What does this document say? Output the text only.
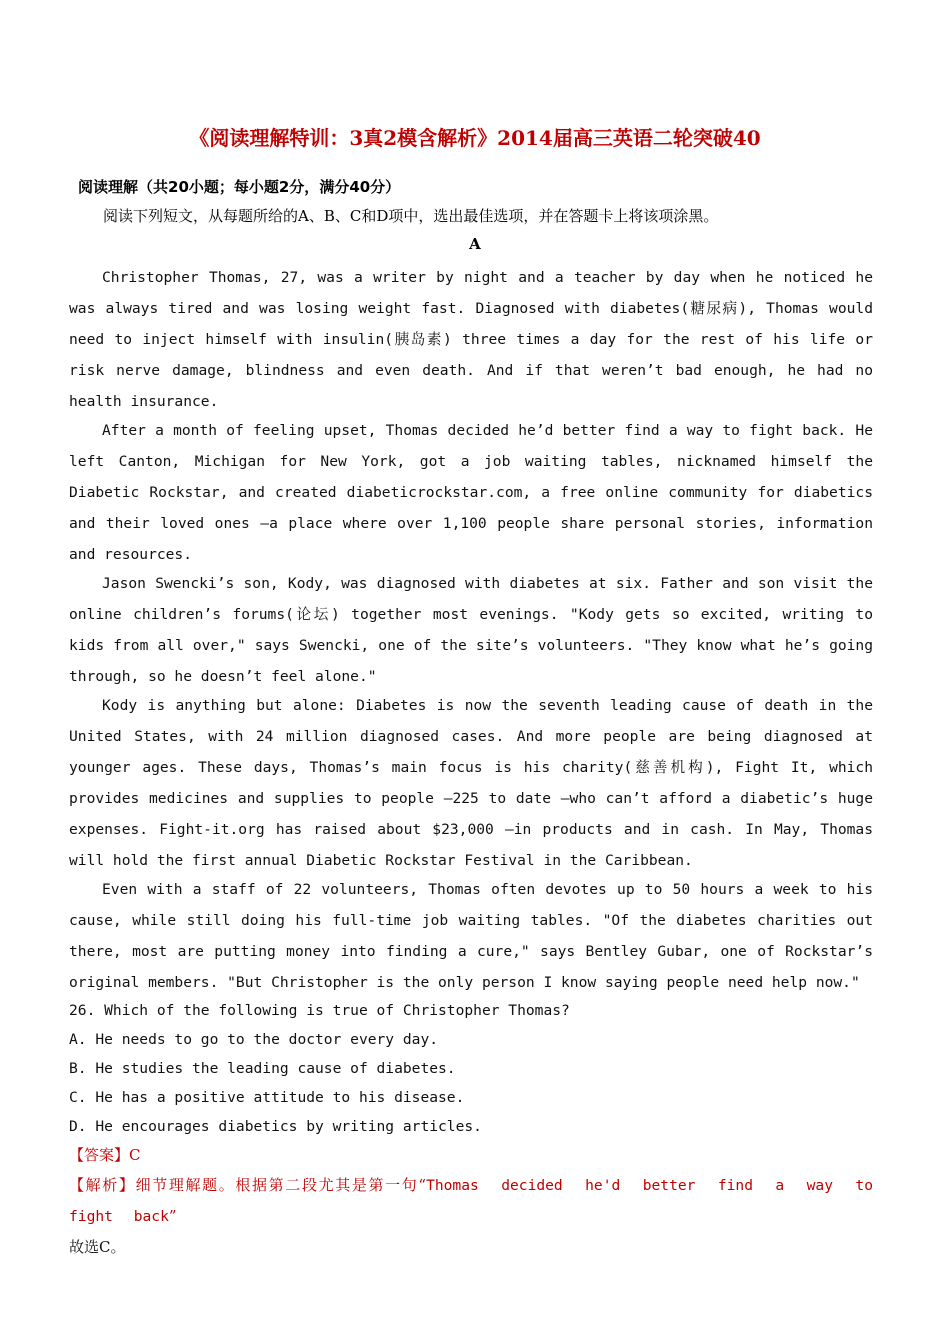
《阅读理解特训：3真2模含解析》2014届高三英语二轮突破40
阅读理解（共20小题；每小题2分，满分40分）
阅读下列短文，从每题所给的A、B、C和D项中，选出最佳选项，并在答题卡上将该项涂黑。
A

Christopher Thomas, 27, was a writer by night and a teacher by day when he noticed he was always tired and was losing weight fast. Diagnosed with diabetes(糖尿病), Thomas would need to inject himself with insulin(胰岛素) three times a day for the rest of his life or risk nerve damage, blindness and even death. And if that weren’t bad enough, he had no health insurance.

After a month of feeling upset, Thomas decided he’d better find a way to fight back. He left Canton, Michigan for New York, got a job waiting tables, nicknamed himself the Diabetic Rockstar, and created diabeticrockstar.com, a free online community for diabetics and their loved ones —a place where over 1,100 people share personal stories, information and resources.

Jason Swencki’s son, Kody, was diagnosed with diabetes at six. Father and son visit the online children’s forums(论坛) together most evenings. "Kody gets so excited, writing to kids from all over," says Swencki, one of the site’s volunteers. "They know what he’s going through, so he doesn’t feel alone."

Kody is anything but alone: Diabetes is now the seventh leading cause of death in the United States, with 24 million diagnosed cases. And more people are being diagnosed at younger ages. These days, Thomas’s main focus is his charity(慈善机构), Fight It, which provides medicines and supplies to people —225 to date —who can’t afford a diabetic’s huge expenses. Fight-it.org has raised about $23,000 —in products and in cash. In May, Thomas will hold the first annual Diabetic Rockstar Festival in the Caribbean.

Even with a staff of 22 volunteers, Thomas often devotes up to 50 hours a week to his cause, while still doing his full-time job waiting tables. "Of the diabetes charities out there, most are putting money into finding a cure," says Bentley Gubar, one of Rockstar’s original members. "But Christopher is the only person I know saying people need help now."

26. Which of the following is true of Christopher Thomas?

A. He needs to go to the doctor every day.

B. He studies the leading cause of diabetes.

C. He has a positive attitude to his disease.

D. He encourages diabetics by writing articles.

【答案】C

【解析】细节理解题。根据第二段尤其是第一句“Thomas decided he'd better find a way to fight back”

故选C。
